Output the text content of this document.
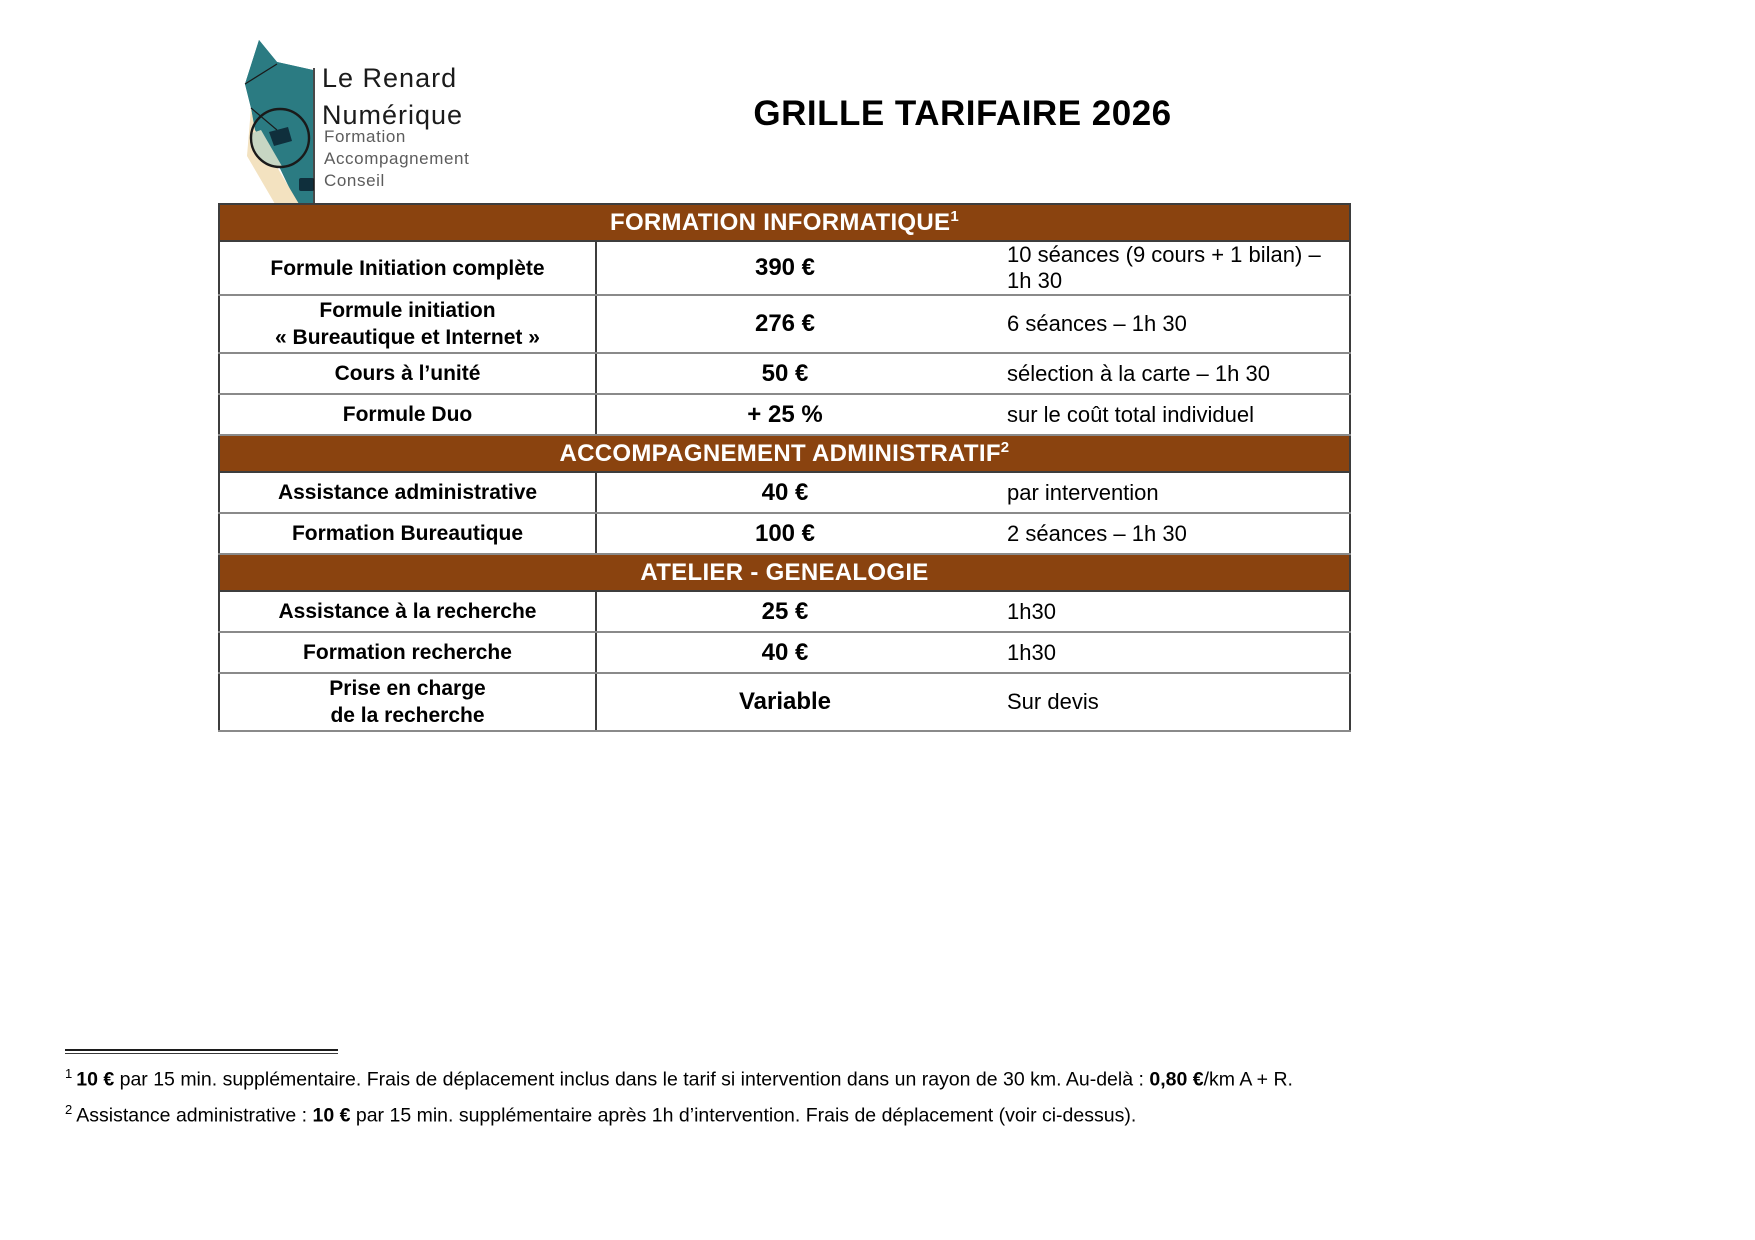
Le Renard
Numérique
Formation
Accompagnement
Conseil
GRILLE TARIFAIRE 2026
FORMATION INFORMATIQUE$^1$

Formule Initiation complète	390 €	10 séances (9 cours + 1 bilan) – 1h 30

Formule initiation
« Bureautique et Internet »	276 €	6 séances – 1h 30

Cours à l’unité	50 €	sélection à la carte – 1h 30

Formule Duo	+ 25 %	sur le coût total individuel
ACCOMPAGNEMENT ADMINISTRATIF$^2$

Assistance administrative	40 €	par intervention

Formation Bureautique	100 €	2 séances – 1h 30
ATELIER - GENEALOGIE		

Assistance à la recherche	25 €	1h30

Formation recherche	40 €	1h30

Prise en charge
de la recherche	Variable	Sur devis
$^1$ 10 € par 15 min. supplémentaire. Frais de déplacement inclus dans le tarif si intervention dans un rayon de 30 km. Au-delà : 0,80 €/km A + R.
$^2$ Assistance administrative : 10 € par 15 min. supplémentaire après 1h d’intervention. Frais de déplacement (voir ci-dessus).
